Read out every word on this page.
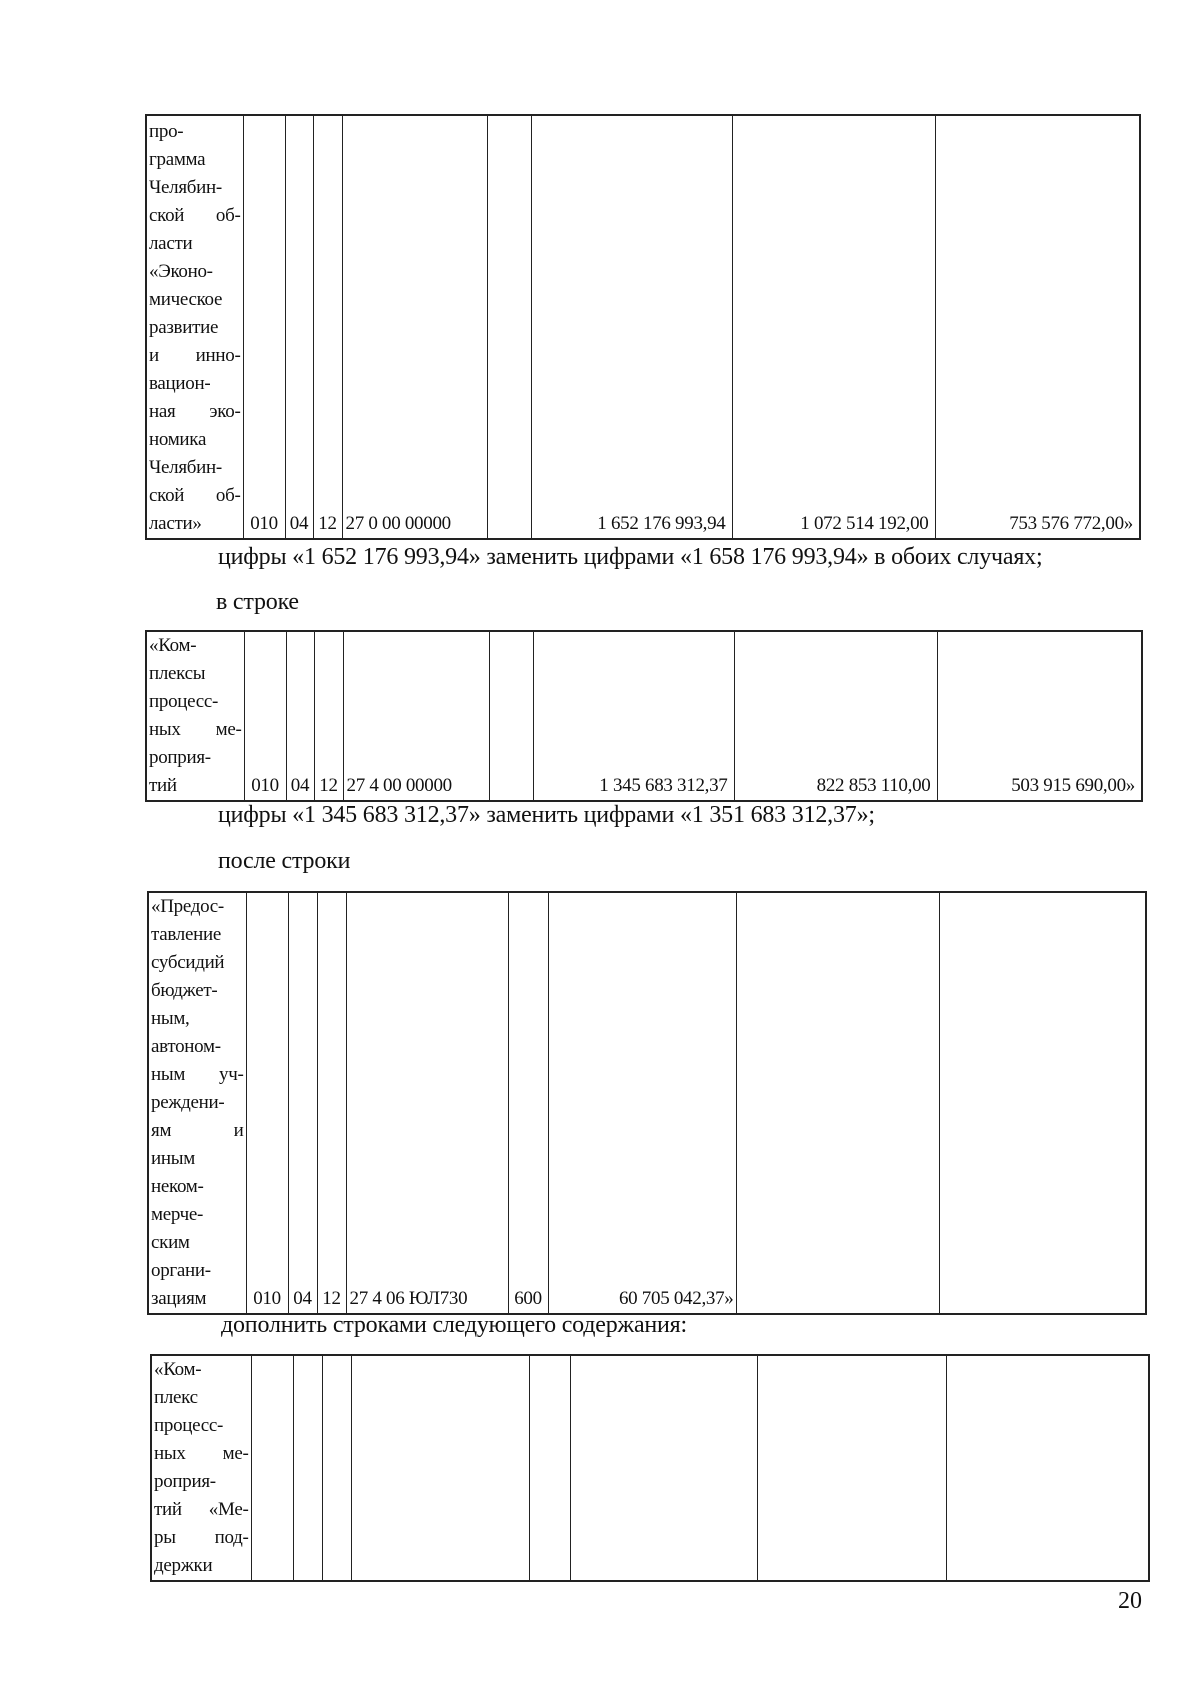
про-
грамма
Челябин-
ской об-
ласти
«Эконо-
мическое
развитие
и инно-
вацион-
ная эко-
номика
Челябин-
ской об-
ласти»	010	04	12	27 0 00 00000		1 652 176 993,94	1 072 514 192,00	753 576 772,00»
цифры «1 652 176 993,94» заменить цифрами «1 658 176 993,94» в обоих случаях;
в строке
«Ком-
плексы
процесс-
ных ме-
роприя-
тий	010	04	12	27 4 00 00000		1 345 683 312,37	822 853 110,00	503 915 690,00»
цифры «1 345 683 312,37» заменить цифрами «1 351 683 312,37»;
после строки
«Предос-
тавление
субсидий
бюджет-
ным,
автоном-
ным уч-
реждени-
ям и
иным
неком-
мерче-
ским
органи-
зациям	010	04	12	27 4 06 ЮЛ730	600	60 705 042,37»		
дополнить строками следующего содержания:
«Ком-
плекс
процесс-
ных ме-
роприя-
тий «Ме-
ры под-
держки

20
